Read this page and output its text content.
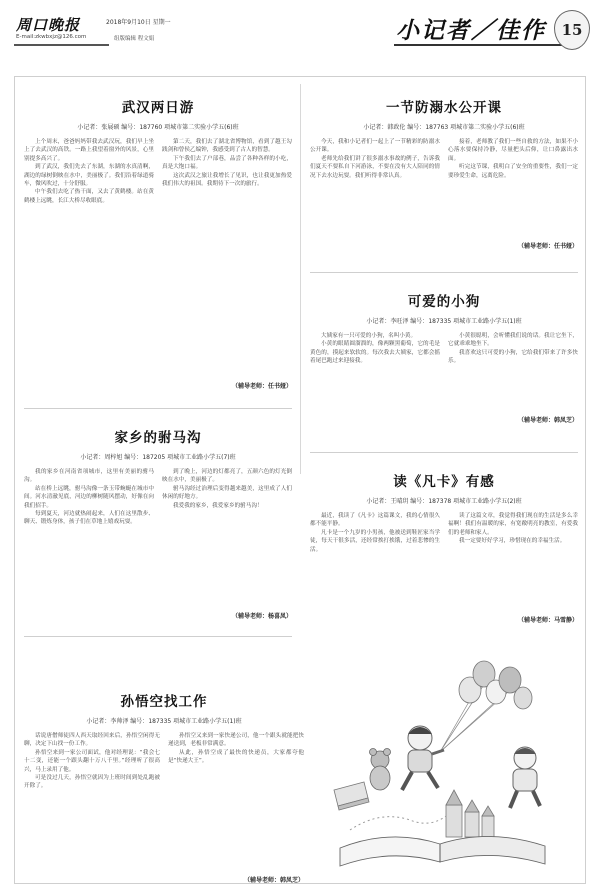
周口晚报	2018年9月10日 星期一
E-mail:zkwbxjz@126.com	组版编辑 程文娟	小记者／佳作 15
武汉两日游
小记者：张展硕 编号：187760 项城市第二实验小学五(6)班

上个周末，爸爸妈妈带我去武汉玩，我们早上坐上了去武汉的高铁。一路上我望着窗外的风景，心里别提多高兴了。

到了武汉，我们先去了东湖，东湖的水真清啊，湖边的绿树倒映在水中，美丽极了。我们沿着绿道骑车，微风吹过，十分舒服。

中午我们去吃了热干面，又去了黄鹤楼。站在黄鹤楼上远眺，长江大桥尽收眼底。

第二天，我们去了湖北省博物馆，看到了越王勾践剑和曾侯乙编钟，我感受到了古人的智慧。

下午我们去了户部巷，品尝了各种各样的小吃，真是大饱口福。

这次武汉之旅让我增长了见识，也让我更加热爱我们伟大的祖国。我期待下一次的旅行。

（辅导老师：任书娅）
一节防溺水公开课
小记者：韩政伦 编号：187763 项城市第二实验小学五(6)班

今天，我和小记者们一起上了一节精彩的防溺水公开课。

老师先给我们讲了很多溺水事故的例子，告诉我们夏天不要私自下河游泳，不要在没有大人陪同的情况下去水边玩耍。我们听得非常认真。

接着，老师教了我们一些自救的方法，如果不小心落水要保持冷静，尽量把头后仰，让口鼻露出水面。

听完这节课，我明白了安全的重要性，我们一定要珍爱生命，远离危险。

（辅导老师：任书娅）
可爱的小狗
小记者：李旺泽 编号：187335 项城市工业路小学五(1)班

大姨家有一只可爱的小狗，名叫小黄。

小黄的眼睛圆溜溜的，像两颗黑葡萄，它的毛是黄色的，摸起来软软的。每次我去大姨家，它都会摇着尾巴跑过来迎接我。

小黄很聪明，会听懂我们说的话。我让它坐下，它就乖乖地坐下。

我喜欢这只可爱的小狗，它给我们带来了许多快乐。

（辅导老师：韩凤芝）
家乡的驸马沟
小记者：周梓旭 编号：187205 项城市工业路小学五(7)班

我的家乡在河南省项城市，这里有美丽的驸马沟。

站在桥上远眺，驸马沟像一条玉带蜿蜒在城市中间。河水清澈见底，河边的柳树随风摆动，好像在向我们招手。

每到夏天，河边就热闹起来，人们在这里散步、聊天、锻炼身体，孩子们在草地上嬉戏玩耍。

到了晚上，河边的灯都亮了，五颜六色的灯光倒映在水中，美丽极了。

驸马沟经过治理后变得越来越美，这里成了人们休闲的好地方。

我爱我的家乡，我爱家乡的驸马沟！

（辅导老师：杨喜凤）
读《凡卡》有感
小记者：王晴玥 编号：187378 项城市工业路小学五(2)班

最近，我读了《凡卡》这篇课文，我的心情很久都不能平静。

凡卡是一个九岁的小男孩，他被送到鞋匠家当学徒，每天干很多活，还经常挨打挨饿，过着悲惨的生活。

读了这篇文章，我觉得我们现在的生活是多么幸福啊！我们有温暖的家，有宽敞明亮的教室，有爱我们的老师和家人。

我一定要好好学习，珍惜现在的幸福生活。

（辅导老师：马雪静）
孙悟空找工作
小记者：李帅泽 编号：187335 项城市工业路小学五(1)班

话说唐僧师徒四人西天取经回来后，孙悟空闲得无聊，决定下山找一份工作。

孙悟空来到一家公司面试，他对经理说：“我会七十二变，还能一个跟头翻十万八千里。”经理听了很高兴，马上录用了他。

可是没过几天，孙悟空就因为上班时间到处乱跑被开除了。

孙悟空又来到一家快递公司，他一个跟头就能把快递送到，老板非常满意。

从此，孙悟空成了最快的快递员，大家都夸他是“快递大王”。

（辅导老师：韩凤芝）
